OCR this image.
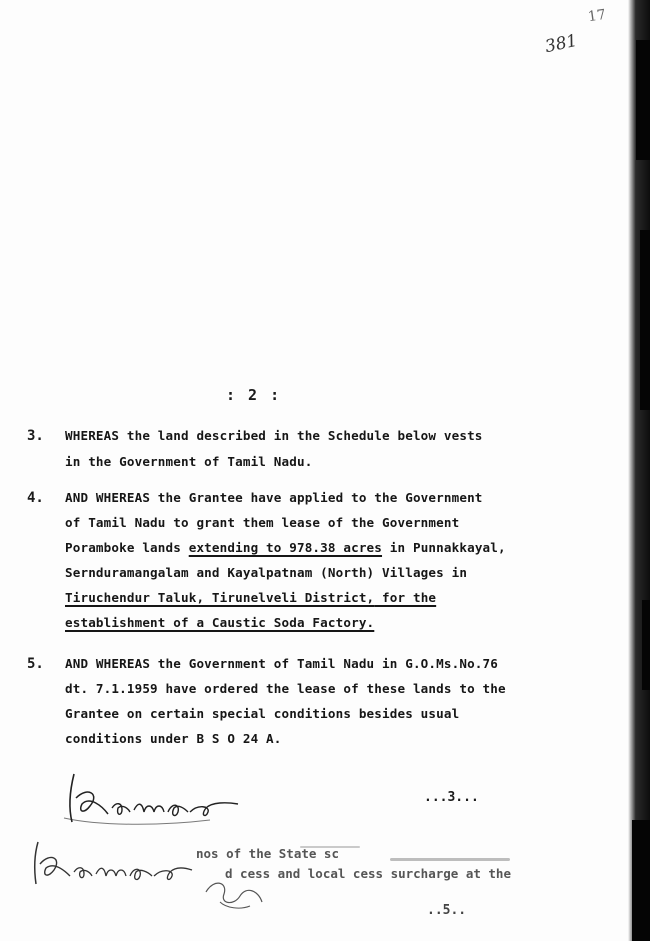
17
381
: 2 :
3. WHEREAS the land described in the Schedule below vests
in the Government of Tamil Nadu.
4. AND WHEREAS the Grantee have applied to the Government
of Tamil Nadu to grant them lease of the Government
Poramboke lands extending to 978.38 acres in Punnakkayal,
Sernduramangalam and Kayalpatnam (North) Villages in
Tiruchendur Taluk, Tirunelveli District, for the
establishment of a Caustic Soda Factory.
5. AND WHEREAS the Government of Tamil Nadu in G.O.Ms.No.76
dt. 7.1.1959 have ordered the lease of these lands to the
Grantee on certain special conditions besides usual
conditions under B S O 24 A.
...3...
nos of the State sc
d cess and local cess surcharge at the
..5..
